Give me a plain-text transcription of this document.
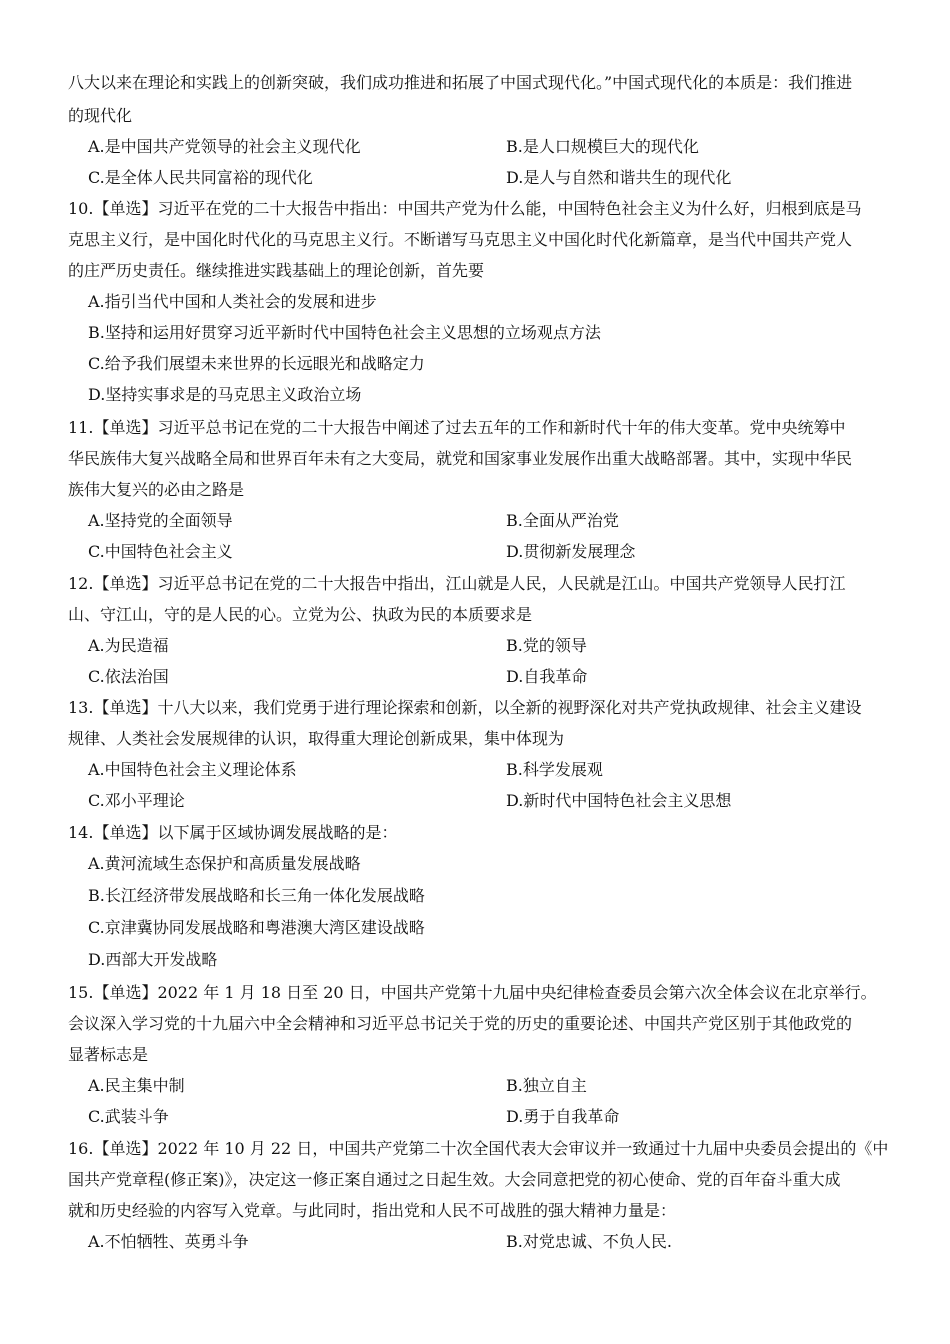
八大以来在理论和实践上的创新突破，我们成功推进和拓展了中国式现代化。”中国式现代化的本质是：我们推进
的现代化
A.是中国共产党领导的社会主义现代化	B.是人口规模巨大的现代化
C.是全体人民共同富裕的现代化	D.是人与自然和谐共生的现代化
10.【单选】习近平在党的二十大报告中指出：中国共产党为什么能，中国特色社会主义为什么好，归根到底是马
克思主义行，是中国化时代化的马克思主义行。不断谱写马克思主义中国化时代化新篇章，是当代中国共产党人
的庄严历史责任。继续推进实践基础上的理论创新，首先要
A.指引当代中国和人类社会的发展和进步
B.坚持和运用好贯穿习近平新时代中国特色社会主义思想的立场观点方法
C.给予我们展望未来世界的长远眼光和战略定力
D.坚持实事求是的马克思主义政治立场
11.【单选】习近平总书记在党的二十大报告中阐述了过去五年的工作和新时代十年的伟大变革。党中央统筹中
华民族伟大复兴战略全局和世界百年未有之大变局，就党和国家事业发展作出重大战略部署。其中，实现中华民
族伟大复兴的必由之路是
A.坚持党的全面领导	B.全面从严治党
C.中国特色社会主义	D.贯彻新发展理念
12.【单选】习近平总书记在党的二十大报告中指出，江山就是人民，人民就是江山。中国共产党领导人民打江
山、守江山，守的是人民的心。立党为公、执政为民的本质要求是
A.为民造福	B.党的领导
C.依法治国	D.自我革命
13.【单选】十八大以来，我们党勇于进行理论探索和创新，以全新的视野深化对共产党执政规律、社会主义建设
规律、人类社会发展规律的认识，取得重大理论创新成果，集中体现为
A.中国特色社会主义理论体系	B.科学发展观
C.邓小平理论	D.新时代中国特色社会主义思想
14.【单选】以下属于区域协调发展战略的是：
A.黄河流域生态保护和高质量发展战略
B.长江经济带发展战略和长三角一体化发展战略
C.京津冀协同发展战略和粤港澳大湾区建设战略
D.西部大开发战略
15.【单选】2022 年 1 月 18 日至 20 日，中国共产党第十九届中央纪律检查委员会第六次全体会议在北京举行。
会议深入学习党的十九届六中全会精神和习近平总书记关于党的历史的重要论述、中国共产党区别于其他政党的
显著标志是
A.民主集中制	B.独立自主
C.武装斗争	D.勇于自我革命
16.【单选】2022 年 10 月 22 日，中国共产党第二十次全国代表大会审议并一致通过十九届中央委员会提出的《中
国共产党章程(修正案)》，决定这一修正案自通过之日起生效。大会同意把党的初心使命、党的百年奋斗重大成
就和历史经验的内容写入党章。与此同时，指出党和人民不可战胜的强大精神力量是：
A.不怕牺牲、英勇斗争	B.对党忠诚、不负人民.
